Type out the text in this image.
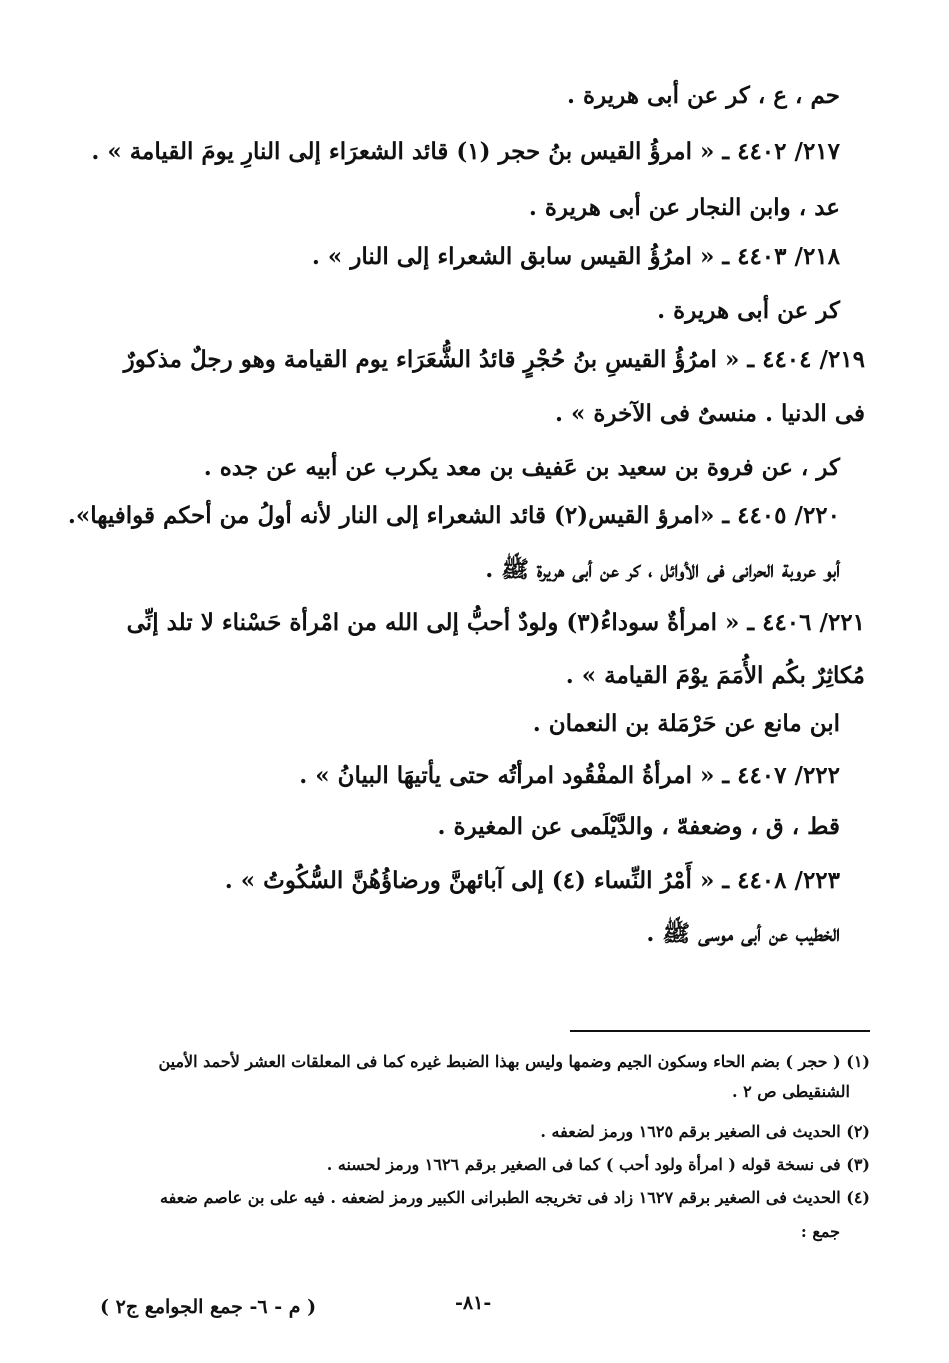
حم ، ع ، كر عن أبى هريرة .
٢١٧/ ٤٤٠٢ ـ « امرؤُ القيس بنُ حجر (١) قائد الشعرَاء إلى النارِ يومَ القيامة » .
عد ، وابن النجار عن أبى هريرة .
٢١٨/ ٤٤٠٣ ـ « امرُؤُ القيس سابق الشعراء إلى النار » .
كر عن أبى هريرة .
٢١٩/ ٤٤٠٤ ـ « امرُؤُ القيسِ بنُ حُجْرٍ قائدُ الشُّعَرَاء يوم القيامة وهو رجلٌ مذكورٌ
فى الدنيا . منسىٌ فى الآخرة » .
كر ، عن فروة بن سعيد بن عَفيف بن معد يكرب عن أبيه عن جده .
٢٢٠/ ٤٤٠٥ ـ «امرؤ القيس(٢) قائد الشعراء إلى النار لأنه أولُ من أحكم قوافيها».
أبو عروبة الحرانى فى الأوائل ، كر عن أبى هريرة ﷺ .
٢٢١/ ٤٤٠٦ ـ « امرأةٌ سوداءُ(٣) ولودٌ أحبُّ إلى الله من امْرأة حَسْناء لا تلد إنِّى
مُكاثِرٌ بكُم الأُمَمَ يوْمَ القيامة » .
ابن مانع عن حَرْمَلة بن النعمان .
٢٢٢/ ٤٤٠٧ ـ « امرأةُ المفْقُود امرأتُه حتى يأتيهَا البيانُ » .
قط ، ق ، وضعفهّ ، والدَّيْلَمى عن المغيرة .
٢٢٣/ ٤٤٠٨ ـ « أَمْرُ النِّساء (٤) إلى آبائهنَّ ورضاؤُهُنَّ السُّكُوتُ » .
الخطيب عن أبى موسى ﷺ .
(١) ( حجر ) بضم الحاء وسكون الجيم وضمها وليس بهذا الضبط غيره كما فى المعلقات العشر لأحمد الأمين
الشنقيطى ص ٢ .
(٢) الحديث فى الصغير برقم ١٦٢٥ ورمز لضعفه .
(٣) فى نسخة قوله ( امرأة ولود أحب ) كما فى الصغير برقم ١٦٢٦ ورمز لحسنه .
(٤) الحديث فى الصغير برقم ١٦٢٧ زاد فى تخريجه الطبرانى الكبير ورمز لضعفه . فيه على بن عاصم ضعفه
جمع :
-٨١-
( م - ٦- جمع الجوامع ج٢ )
